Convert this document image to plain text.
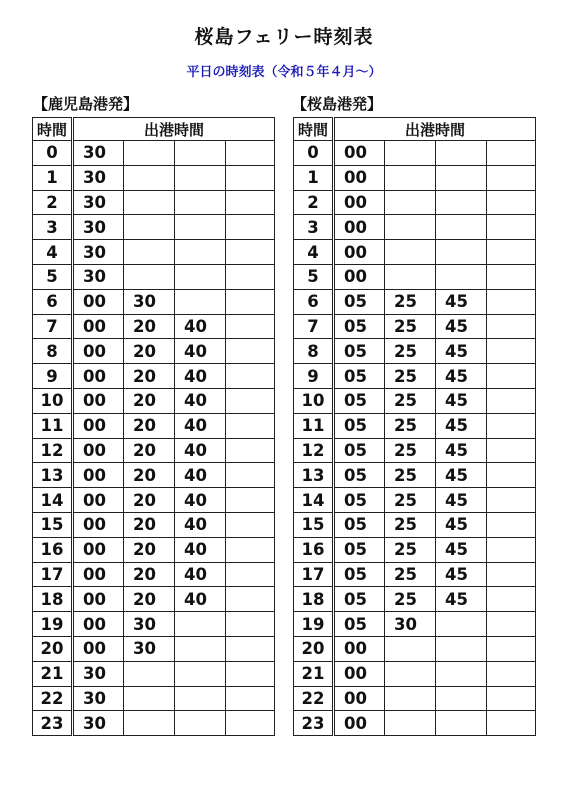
桜島フェリー時刻表
平日の時刻表（令和５年４月〜）
【鹿児島港発】	【桜島港発】
時間	出港時間			
0	30			
1	30			
2	30			
3	30			
4	30			
5	30			
6	00	30		
7	00	20	40	
8	00	20	40	
9	00	20	40	
10	00	20	40	
11	00	20	40	
12	00	20	40	
13	00	20	40	
14	00	20	40	
15	00	20	40	
16	00	20	40	
17	00	20	40	
18	00	20	40	
19	00	30		
20	00	30		
21	30			
22	30			
23	30			
時間	出港時間			
0	00			
1	00			
2	00			
3	00			
4	00			
5	00			
6	05	25	45	
7	05	25	45	
8	05	25	45	
9	05	25	45	
10	05	25	45	
11	05	25	45	
12	05	25	45	
13	05	25	45	
14	05	25	45	
15	05	25	45	
16	05	25	45	
17	05	25	45	
18	05	25	45	
19	05	30		
20	00			
21	00			
22	00			
23	00			
